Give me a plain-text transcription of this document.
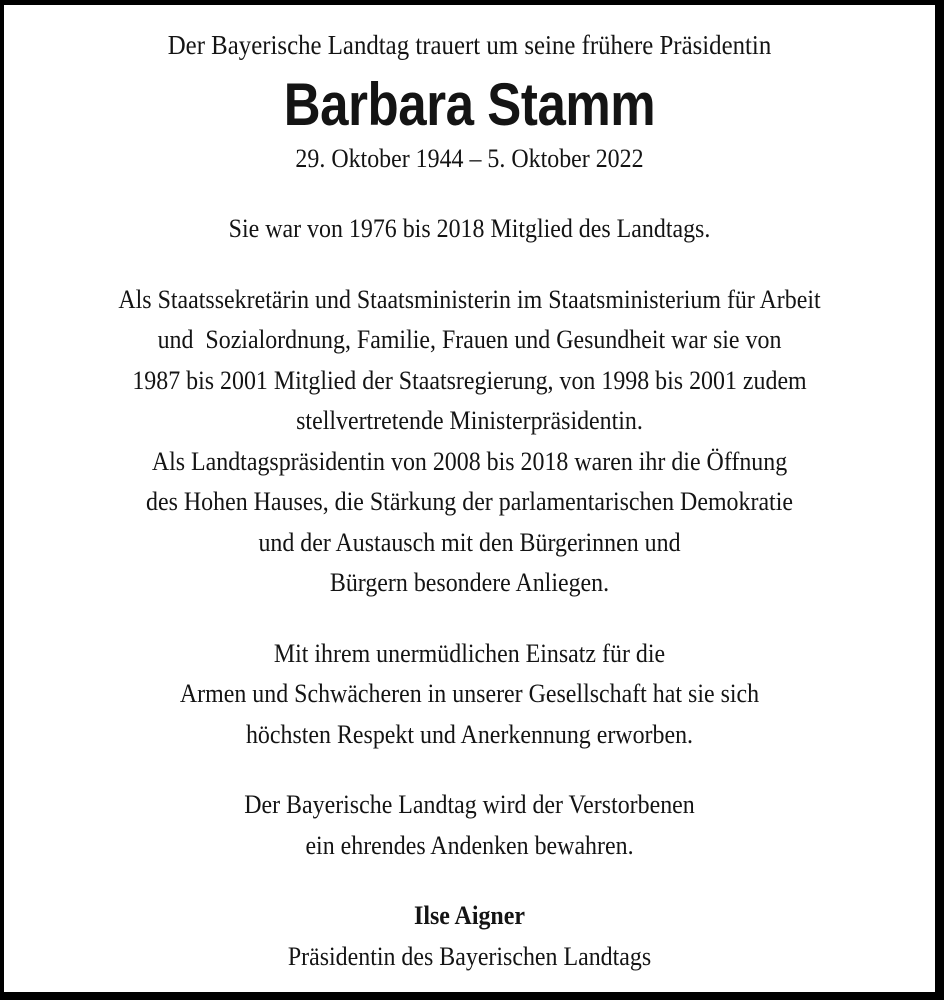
Der Bayerische Landtag trauert um seine frühere Präsidentin
Barbara Stamm
29. Oktober 1944 – 5. Oktober 2022
Sie war von 1976 bis 2018 Mitglied des Landtags.
Als Staatssekretärin und Staatsministerin im Staatsministerium für Arbeit
und  Sozialordnung, Familie, Frauen und Gesundheit war sie von
1987 bis 2001 Mitglied der Staatsregierung, von 1998 bis 2001 zudem
stellvertretende Ministerpräsidentin.
Als Landtagspräsidentin von 2008 bis 2018 waren ihr die Öffnung
des Hohen Hauses, die Stärkung der parlamentarischen Demokratie
und der Austausch mit den Bürgerinnen und
Bürgern besondere Anliegen.
Mit ihrem unermüdlichen Einsatz für die
Armen und Schwächeren in unserer Gesellschaft hat sie sich
höchsten Respekt und Anerkennung erworben.
Der Bayerische Landtag wird der Verstorbenen
ein ehrendes Andenken bewahren.
Ilse Aigner
Präsidentin des Bayerischen Landtags
